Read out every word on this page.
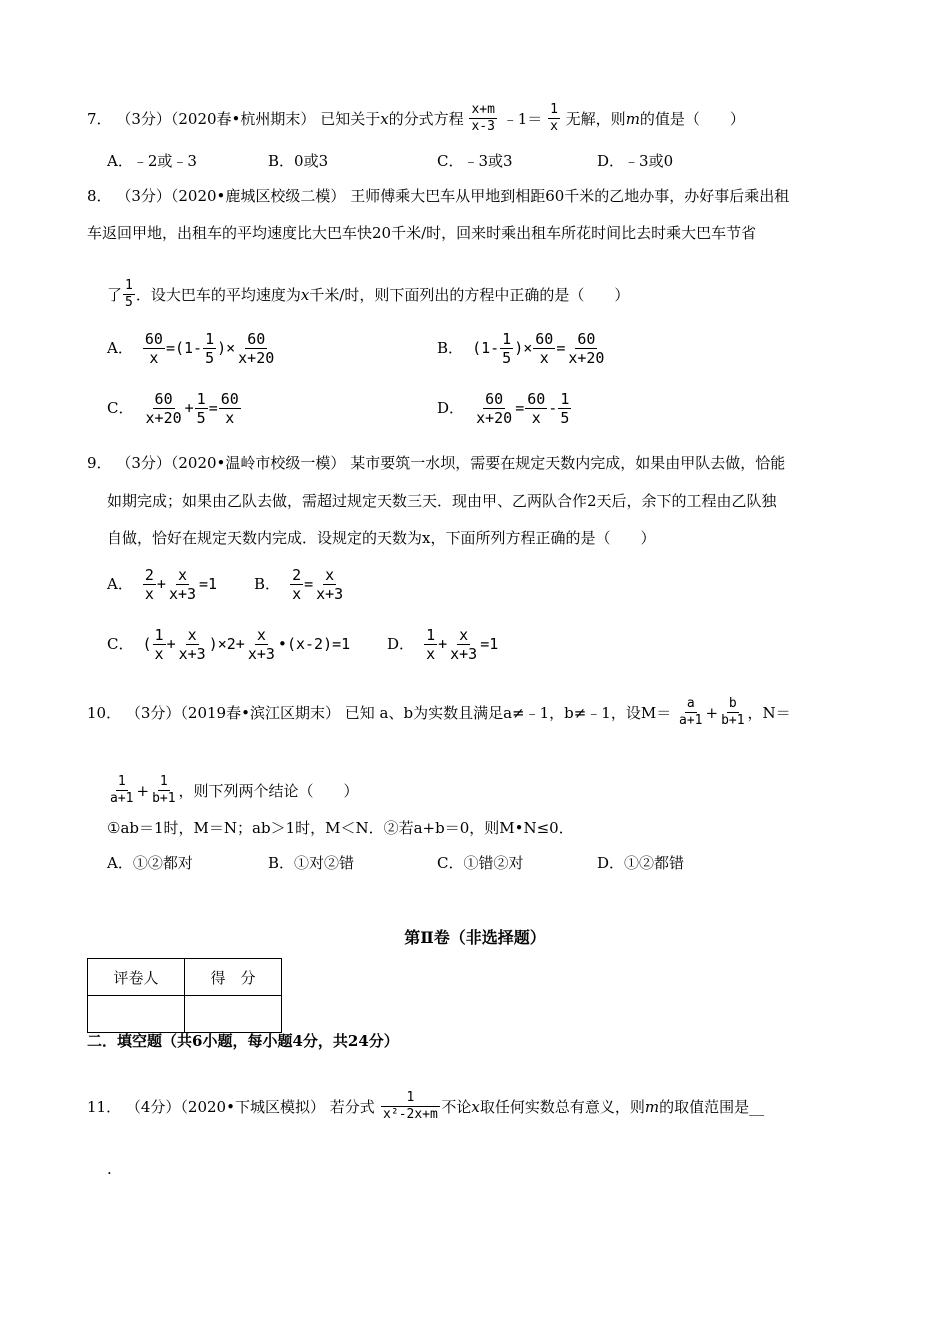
7． （3分）（2020春•杭州期末） 已知关于x的分式方程 $\frac{x+m}{x-3}$ ﹣1＝ $\frac{1}{x}$ 无解，则m的值是（　　）
A．﹣2或﹣3	B．0或3	C．﹣3或3	D．﹣3或0
8． （3分）（2020•鹿城区校级二模） 王师傅乘大巴车从甲地到相距60千米的乙地办事，办好事后乘出租
车返回甲地，出租车的平均速度比大巴车快20千米/时，回来时乘出租车所花时间比去时乘大巴车节省
了 $\frac{1}{5}$ ．设大巴车的平均速度为x千米/时，则下面列出的方程中正确的是（　　）
A． $\frac{60}{x} =(1- \frac{1}{5}$ )× $\frac{60}{x+20}$	B． ($1- \frac{1}{5}$ )× $\frac{60}{x} = \frac{60}{x+20}$
C． $\frac{60}{x+20} + \frac{1}{5} = \frac{60}{x}$	D． $\frac{60}{x+20} = \frac{60}{x} - \frac{1}{5}$
9． （3分）（2020•温岭市校级一模） 某市要筑一水坝，需要在规定天数内完成，如果由甲队去做，恰能
如期完成；如果由乙队去做，需超过规定天数三天．现由甲、乙两队合作2天后，余下的工程由乙队独
自做，恰好在规定天数内完成．设规定的天数为x，下面所列方程正确的是（　　）
A． $\frac{2}{x} + \frac{x}{x+3} =1$ B． $\frac{2}{x} = \frac{x}{x+3}$
C． ( $\frac{1}{x} + \frac{x}{x+3} )\times 2+ \frac{x}{x+3}$ •(x-2)=1 D． $\frac{1}{x} + \frac{x}{x+3} =1$
10． （3分）（2019春•滨江区期末） 已知 a、b为实数且满足a≠﹣1，b≠﹣1，设$M= \frac{a}{a+1} + \frac{b}{b+1}$ ，N＝
$\frac{1}{a+1} + \frac{1}{b+1}$ ，则下列两个结论（　　）
①ab＝1时，M＝N；ab＞1时，M＜N．②若a+b＝0，则M•N≤0．
A．①②都对	B．①对②错	C．①错②对	D．①②都错
第Ⅱ卷（非选择题）
评卷人	得　分

二．填空题（共6小题，每小题4分，共24分）
11． （4分）（2020•下城区模拟） 若分式 $\frac{1}{\text{x²-2x+m}}$ 不论x取任何实数总有意义，则m的取值范围是__
.
